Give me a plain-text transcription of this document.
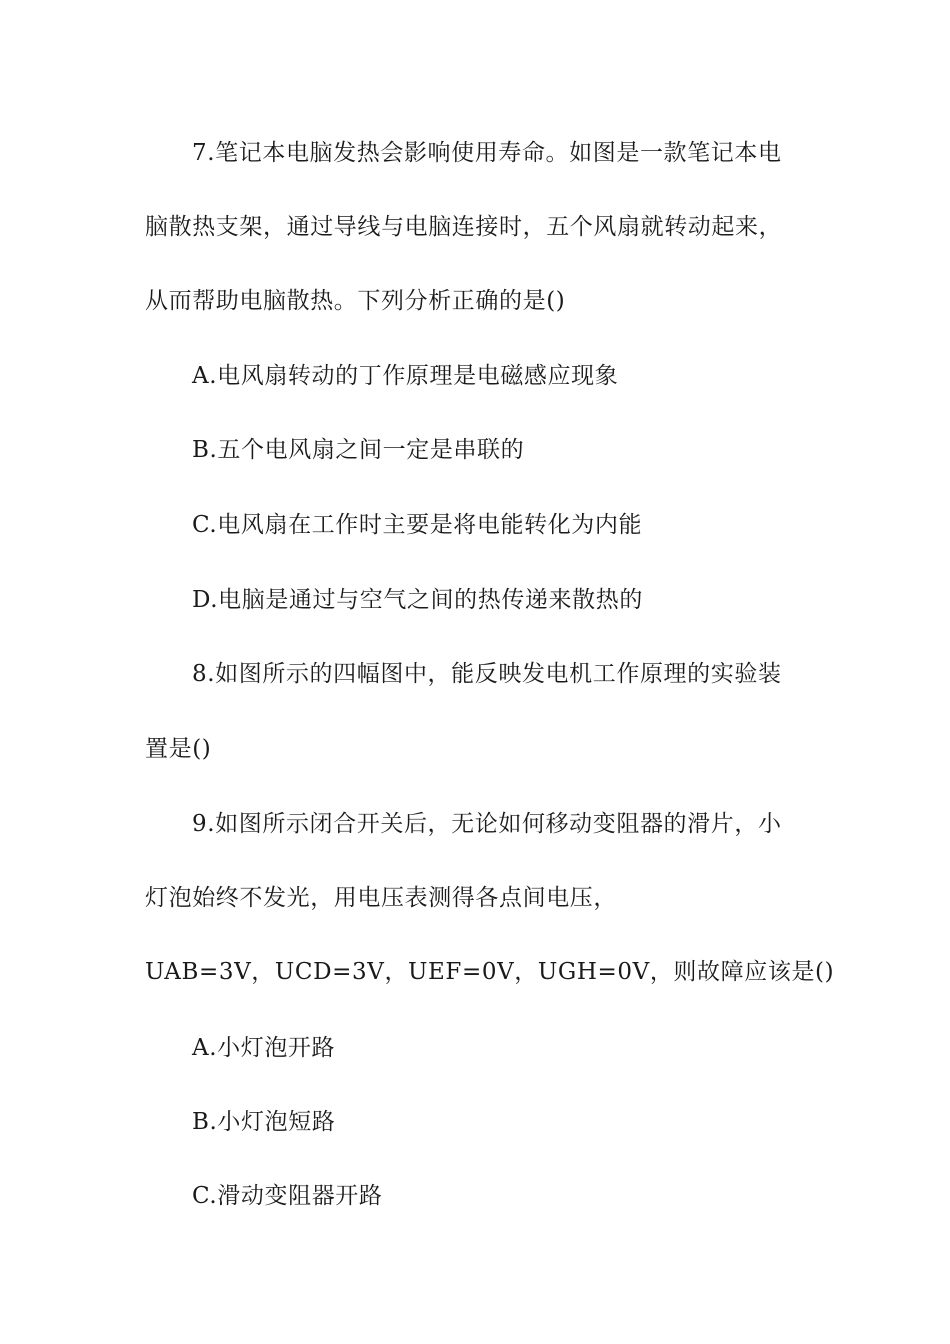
7.笔记本电脑发热会影响使用寿命。如图是一款笔记本电
脑散热支架，通过导线与电脑连接时，五个风扇就转动起来，
从而帮助电脑散热。下列分析正确的是()
A.电风扇转动的丁作原理是电磁感应现象
B.五个电风扇之间一定是串联的
C.电风扇在工作时主要是将电能转化为内能
D.电脑是通过与空气之间的热传递来散热的
8.如图所示的四幅图中，能反映发电机工作原理的实验装
置是()
9.如图所示闭合开关后，无论如何移动变阻器的滑片，小
灯泡始终不发光，用电压表测得各点间电压，
UAB=3V，UCD=3V，UEF=0V，UGH=0V，则故障应该是()
A.小灯泡开路
B.小灯泡短路
C.滑动变阻器开路
